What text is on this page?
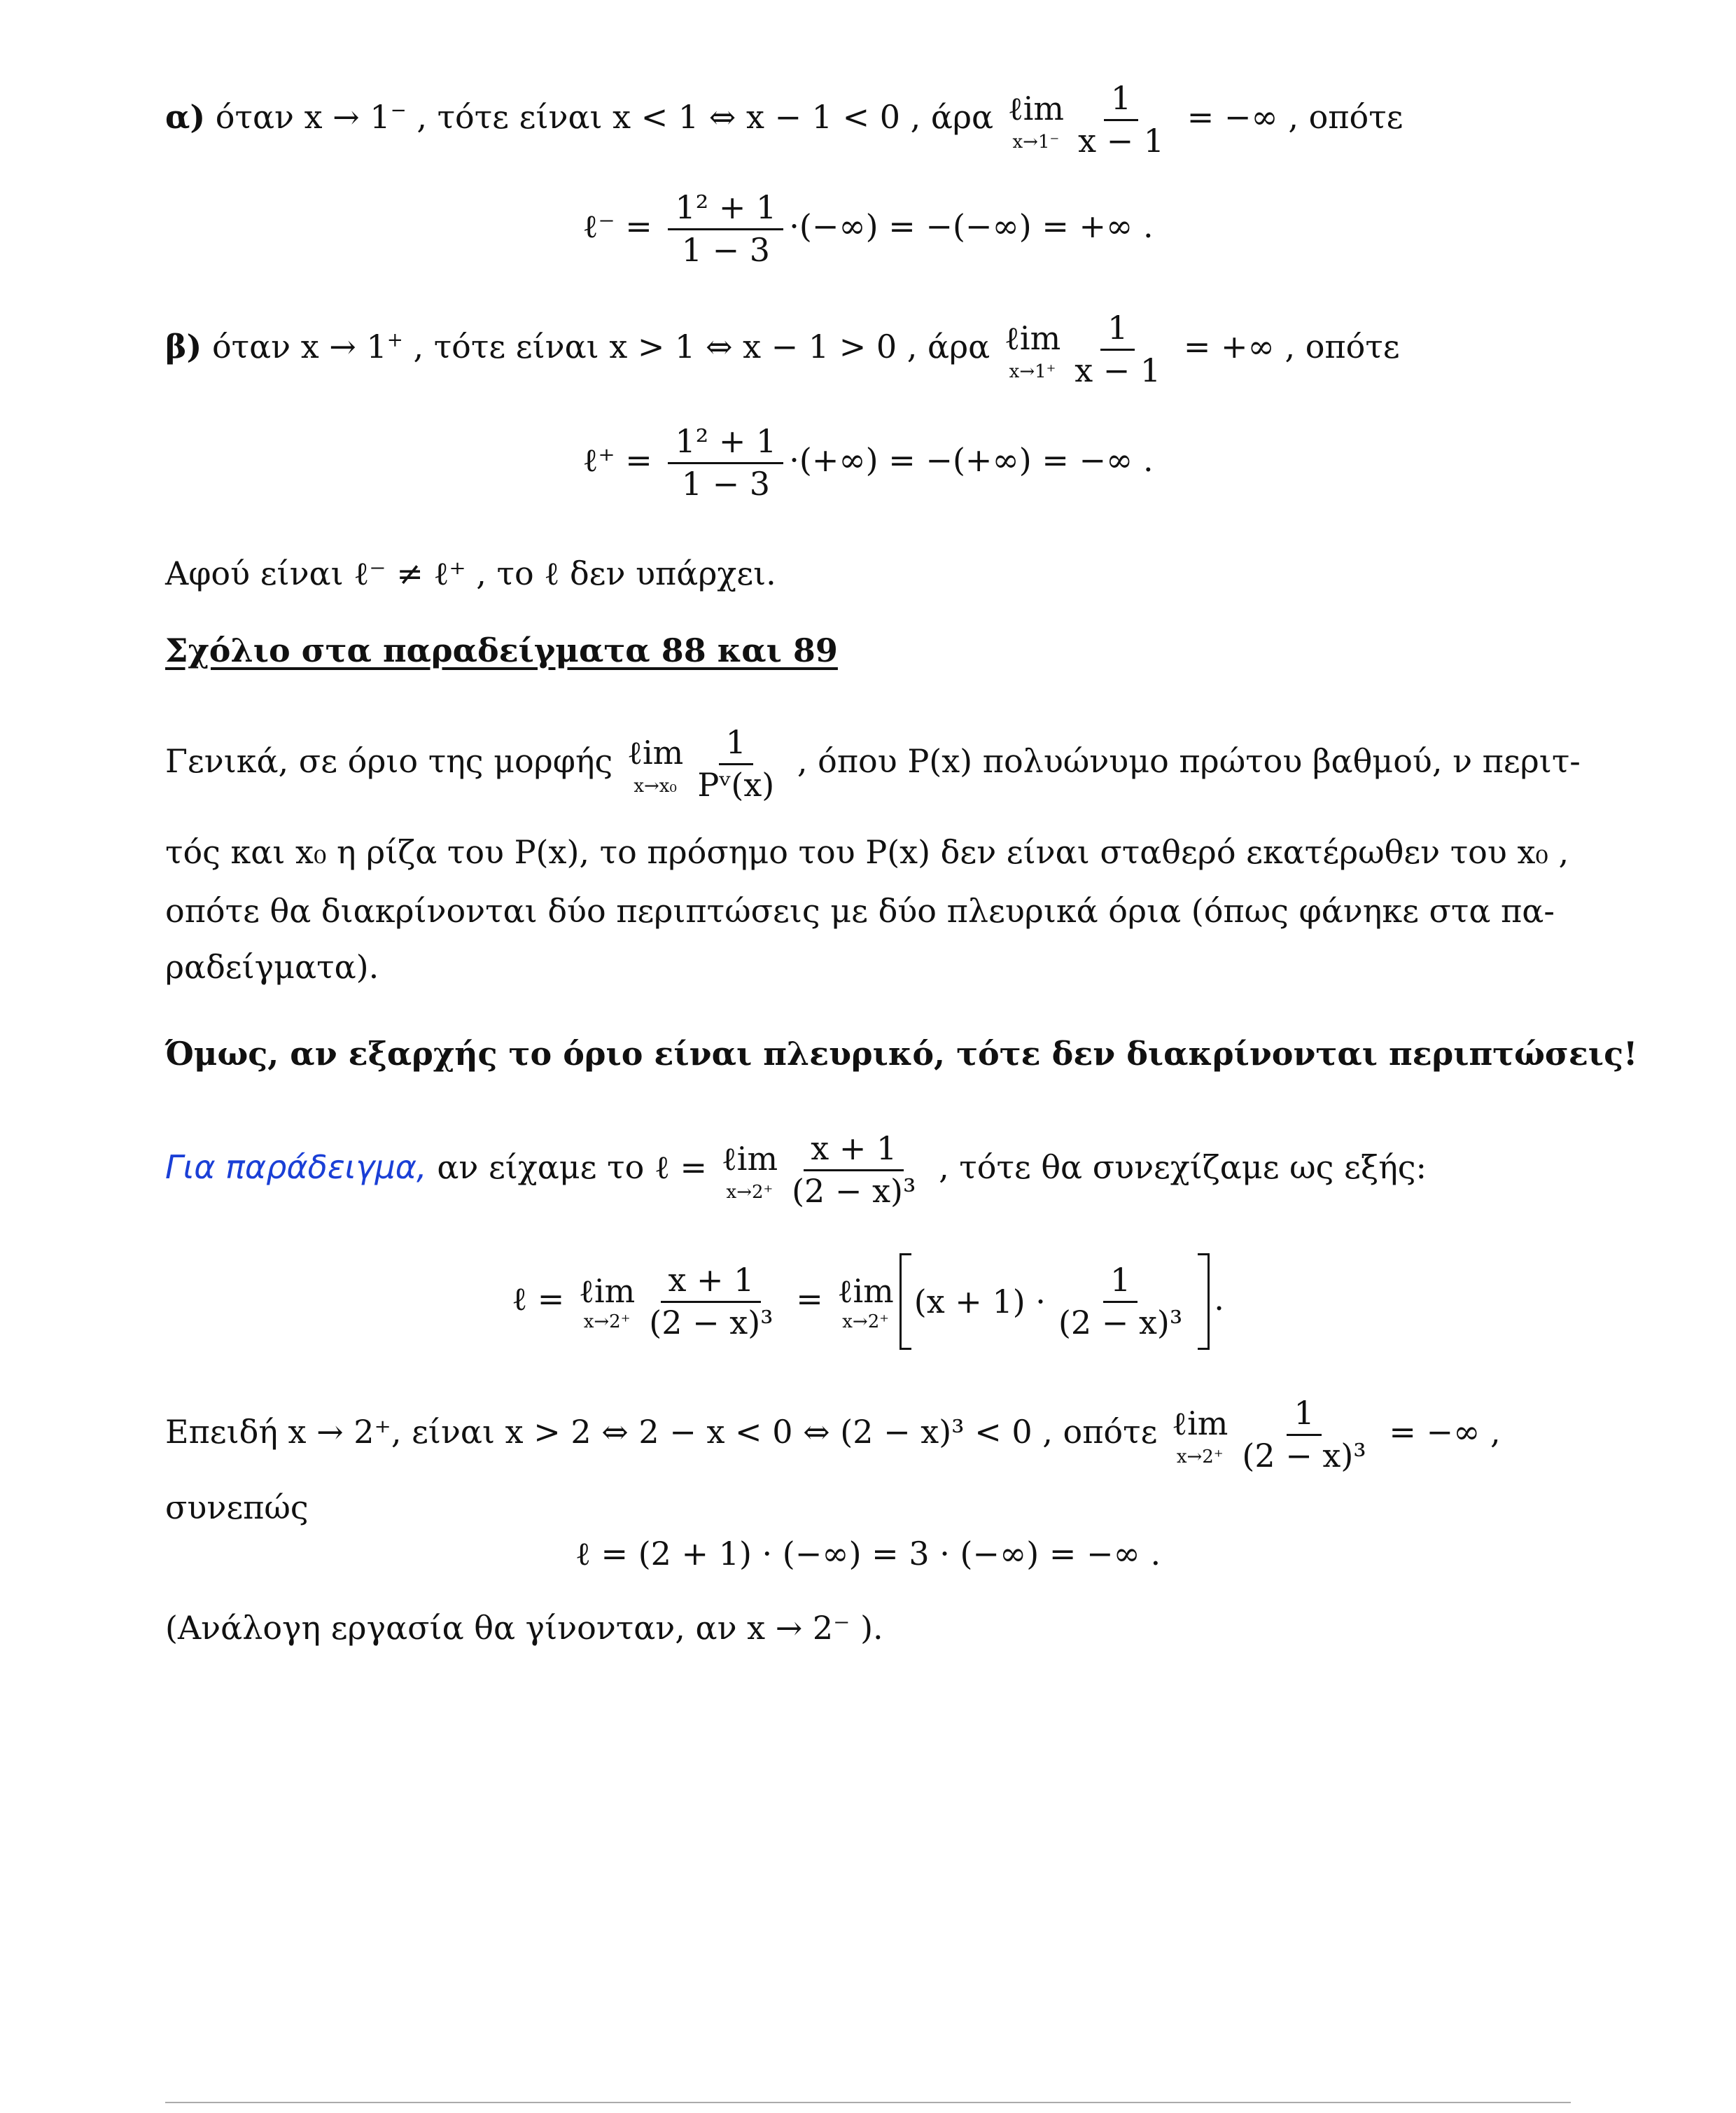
α) όταν x → 1− , τότε είναι x < 1 ⇔ x − 1 < 0 , άρα ℓim
$x\to 1^- \frac{1}{x - 1}$ = −∞ , οπότε
ℓ⁻ = $\frac{\text{1² + 1}}{1 - 3}$ ·(−∞) = −(−∞) = +∞ .
β) όταν x → 1+ , τότε είναι x > 1 ⇔ x − 1 > 0 , άρα ℓim
$x\to 1^+ \frac{1}{x - 1}$ = +∞ , οπότε
ℓ⁺ = $\frac{\text{1² + 1}}{1 - 3}$ ·(+∞) = −(+∞) = −∞ .
Αφού είναι ℓ⁻ ≠ ℓ⁺ , το ℓ δεν υπάρχει.
Σχόλιο στα παραδείγματα 88 και 89
Γενικά, σε όριο της μορφής ℓim
$x\to x_0 \frac{1}{\text{Pᵛ(x)}}$ , όπου P(x) πολυώνυμο πρώτου βαθμού, ν περιτ-
τός και x₀ η ρίζα του P(x), το πρόσημο του P(x) δεν είναι σταθερό εκατέρωθεν του x₀ ,
οπότε θα διακρίνονται δύο περιπτώσεις με δύο πλευρικά όρια (όπως φάνηκε στα πα-
ραδείγματα).
Όμως, αν εξαρχής το όριο είναι πλευρικό, τότε δεν διακρίνονται περιπτώσεις!
Για παράδειγμα, αν είχαμε το ℓ = ℓim
$x\to 2^+ \frac{x + 1}{\text{(2 − x)³}}$ , τότε θα συνεχίζαμε ως εξής:
ℓ = ℓim
$x\to 2^+ \frac{x + 1}{\text{(2 − x)³}}$ = ℓim
x→2⁺
$(x + 1) \cdot \frac{1}{\text{(2 − x)³}}$ .
Επειδή x → 2⁺, είναι x > 2 ⇔ 2 − x < 0 ⇔ (2 − x)³ < 0 , οπότε ℓim
$x\to 2^+ \frac{1}{\text{(2 − x)³}}$ = −∞ ,
συνεπώς
ℓ = (2 + 1) · (−∞) = 3 · (−∞) = −∞ .
(Ανάλογη εργασία θα γίνονταν, αν x → 2⁻ ).
